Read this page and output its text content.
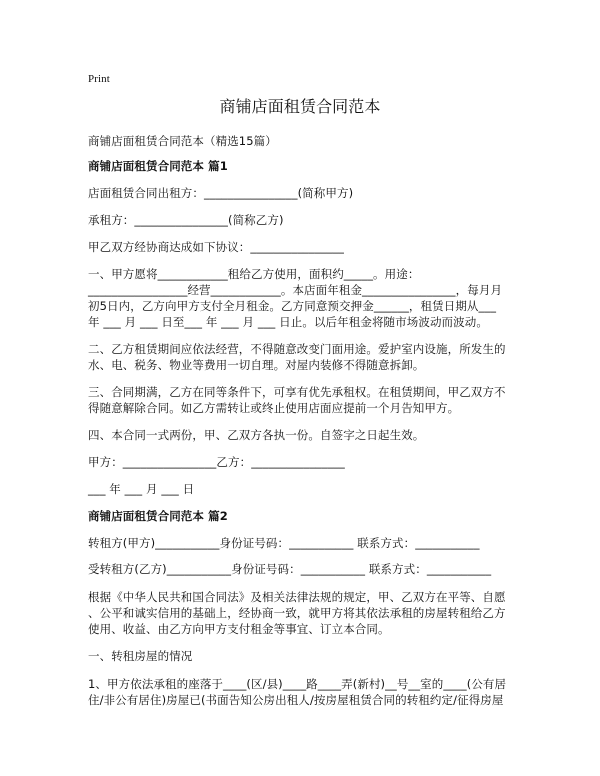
Print
商铺店面租赁合同范本
商铺店面租赁合同范本（精选15篇）
商铺店面租赁合同范本 篇1
店面租赁合同出租方：________________(简称甲方)
承租方：________________(简称乙方)
甲乙双方经协商达成如下协议：________________
一、甲方愿将____________租给乙方使用，面积约_____。用途：
_________________经营____________。本店面年租金________________，每月月
初5日内，乙方向甲方支付全月租金。乙方同意预交押金______，租赁日期从___
年 ___ 月 ___ 日至___ 年 ___ 月 ___ 日止。以后年租金将随市场波动而波动。
二、乙方租赁期间应依法经营，不得随意改变门面用途。爱护室内设施，所发生的
水、电、税务、物业等费用一切自理。对屋内装修不得随意拆卸。
三、合同期满，乙方在同等条件下，可享有优先承租权。在租赁期间，甲乙双方不
得随意解除合同。如乙方需转让或终止使用店面应提前一个月告知甲方。
四、本合同一式两份，甲、乙双方各执一份。自签字之日起生效。
甲方：________________乙方：________________
___ 年 ___ 月 ___ 日
商铺店面租赁合同范本 篇2
转租方(甲方)___________身份证号码：___________ 联系方式：___________
受转租方(乙方)___________身份证号码：___________ 联系方式：___________
根据《中华人民共和国合同法》及相关法律法规的规定，甲、乙双方在平等、自愿
、公平和诚实信用的基础上，经协商一致，就甲方将其依法承租的房屋转租给乙方
使用、收益、由乙方向甲方支付租金等事宜、订立本合同。
一、转租房屋的情况
1、甲方依法承租的座落于____(区/县)____路____弄(新村)__号__室的____(公有居
住/非公有居住)房屋已(书面告知公房出租人/按房屋租赁合同的转租约定/征得房屋
